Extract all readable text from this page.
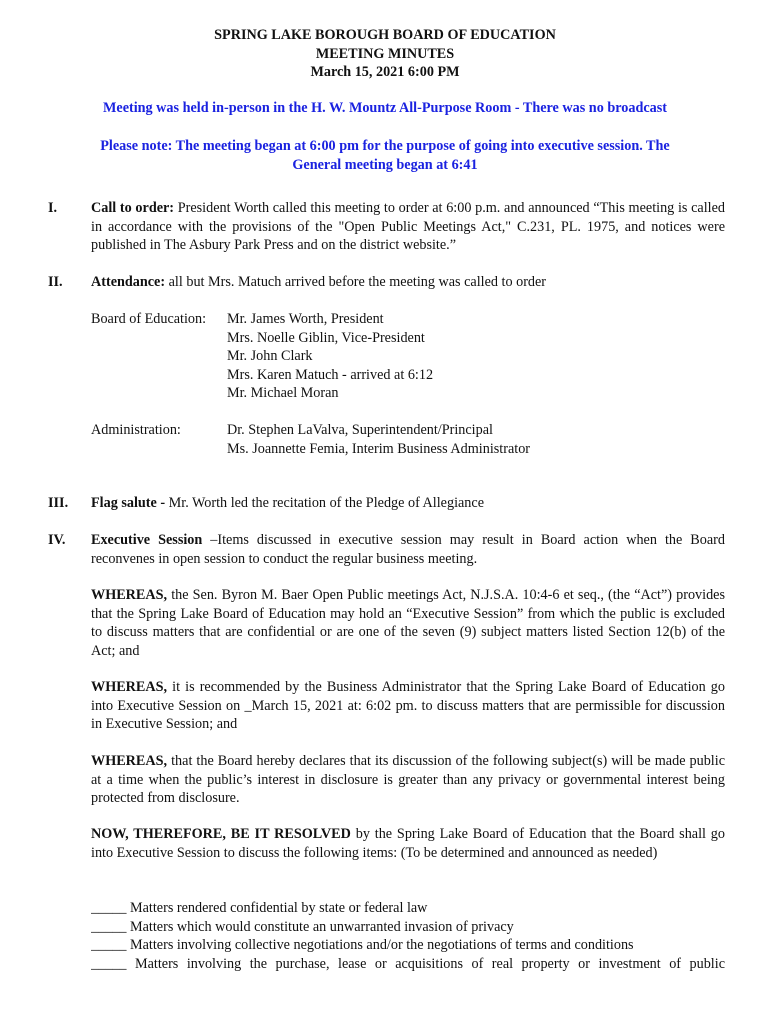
SPRING LAKE BOROUGH BOARD OF EDUCATION
MEETING MINUTES
March 15, 2021 6:00 PM
Meeting was held in-person in the H. W. Mountz All-Purpose Room - There was no broadcast
Please note: The meeting began at 6:00 pm for the purpose of going into executive session. The
General meeting began at 6:41
I. Call to order: President Worth called this meeting to order at 6:00 p.m. and announced “This meeting is called in accordance with the provisions of the "Open Public Meetings Act," C.231, PL. 1975, and notices were published in The Asbury Park Press and on the district website.”
II. Attendance: all but Mrs. Matuch arrived before the meeting was called to order
Board of Education: Mr. James Worth, President
Mrs. Noelle Giblin, Vice-President
Mr. John Clark
Mrs. Karen Matuch - arrived at 6:12
Mr. Michael Moran
Administration:	Dr. Stephen LaValva, Superintendent/Principal
Ms. Joannette Femia, Interim Business Administrator
III. Flag salute - Mr. Worth led the recitation of the Pledge of Allegiance
IV. Executive Session –Items discussed in executive session may result in Board action when the Board reconvenes in open session to conduct the regular business meeting.
WHEREAS, the Sen. Byron M. Baer Open Public meetings Act, N.J.S.A. 10:4-6 et seq., (the “Act”) provides that the Spring Lake Board of Education may hold an “Executive Session” from which the public is excluded to discuss matters that are confidential or are one of the seven (9) subject matters listed Section 12(b) of the Act; and
WHEREAS, it is recommended by the Business Administrator that the Spring Lake Board of Education go into Executive Session on _March 15, 2021 at: 6:02 pm. to discuss matters that are permissible for discussion in Executive Session; and
WHEREAS, that the Board hereby declares that its discussion of the following subject(s) will be made public at a time when the public’s interest in disclosure is greater than any privacy or governmental interest being protected from disclosure.
NOW, THEREFORE, BE IT RESOLVED by the Spring Lake Board of Education that the Board shall go into Executive Session to discuss the following items: (To be determined and announced as needed)
_____ Matters rendered confidential by state or federal law
_____ Matters which would constitute an unwarranted invasion of privacy
_____ Matters involving collective negotiations and/or the negotiations of terms and conditions
_____ Matters involving the purchase, lease or acquisitions of real property or investment of public
